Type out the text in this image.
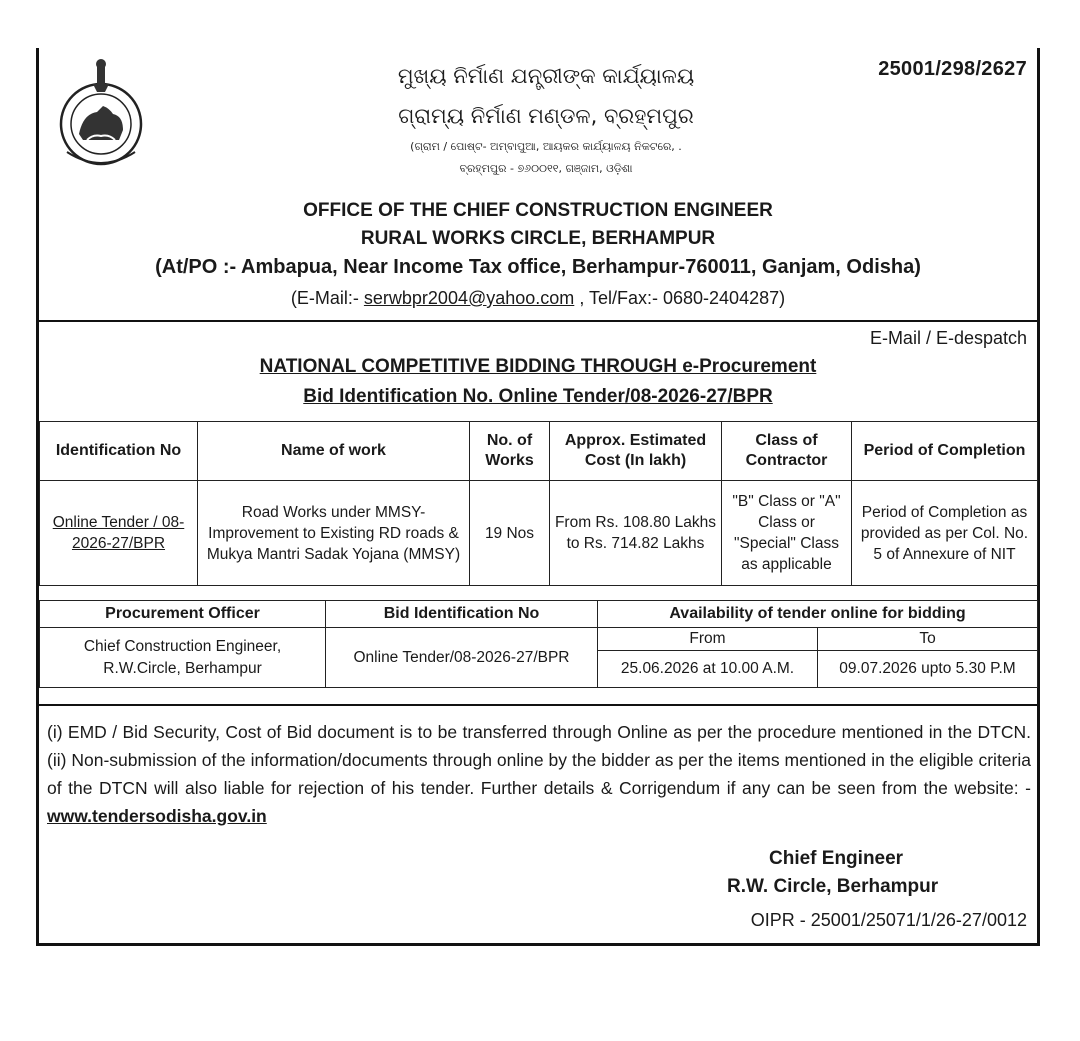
25001/298/2627
ମୁଖ୍ୟ ନିର୍ମାଣ ଯନ୍ତ୍ରୀଙ୍କ କାର୍ଯ୍ୟାଳୟ
ଗ୍ରାମ୍ୟ ନିର୍ମାଣ ମଣ୍ଡଳ, ବ୍ରହ୍ମପୁର
(ଗ୍ରାମ / ପୋଷ୍ଟ- ଅମ୍ବାପୁଆ, ଆୟକର କାର୍ଯ୍ୟାଳୟ ନିକଟରେ, .
ବ୍ରହ୍ମପୁର - ୭୬୦୦୧୧, ଗଞ୍ଜାମ, ଓଡ଼ିଶା
OFFICE OF THE CHIEF CONSTRUCTION ENGINEER
RURAL WORKS CIRCLE, BERHAMPUR
(At/PO :- Ambapua, Near Income Tax office, Berhampur-760011, Ganjam, Odisha)
(E-Mail:- serwbpr2004@yahoo.com , Tel/Fax:- 0680-2404287)
E-Mail / E-despatch
NATIONAL COMPETITIVE BIDDING THROUGH e-Procurement
Bid Identification No. Online Tender/08-2026-27/BPR
Identification No	Name of work	No. of Works	Approx. Estimated Cost (In lakh)	Class of Contractor	Period of Completion
Online Tender / 08-2026-27/BPR	Road Works under MMSY- Improvement to Existing RD roads & Mukya Mantri Sadak Yojana (MMSY)	19 Nos	From Rs. 108.80 Lakhs to Rs. 714.82 Lakhs	"B" Class or "A" Class or "Special" Class as applicable	Period of Completion as provided as per Col. No. 5 of Annexure of NIT
Procurement Officer	Bid Identification No	Availability of tender online for bidding	
Chief Construction Engineer, R.W.Circle, Berhampur	Online Tender/08-2026-27/BPR	From	To
		25.06.2026 at 10.00 A.M.	09.07.2026 upto 5.30 P.M
(i) EMD / Bid Security, Cost of Bid document is to be transferred through Online as per the procedure mentioned in the DTCN. (ii) Non-submission of the information/documents through online by the bidder as per the items mentioned in the eligible criteria of the DTCN will also liable for rejection of his tender. Further details & Corrigendum if any can be seen from the website: - www.tendersodisha.gov.in
Chief Engineer
R.W. Circle, Berhampur
OIPR - 25001/25071/1/26-27/0012
